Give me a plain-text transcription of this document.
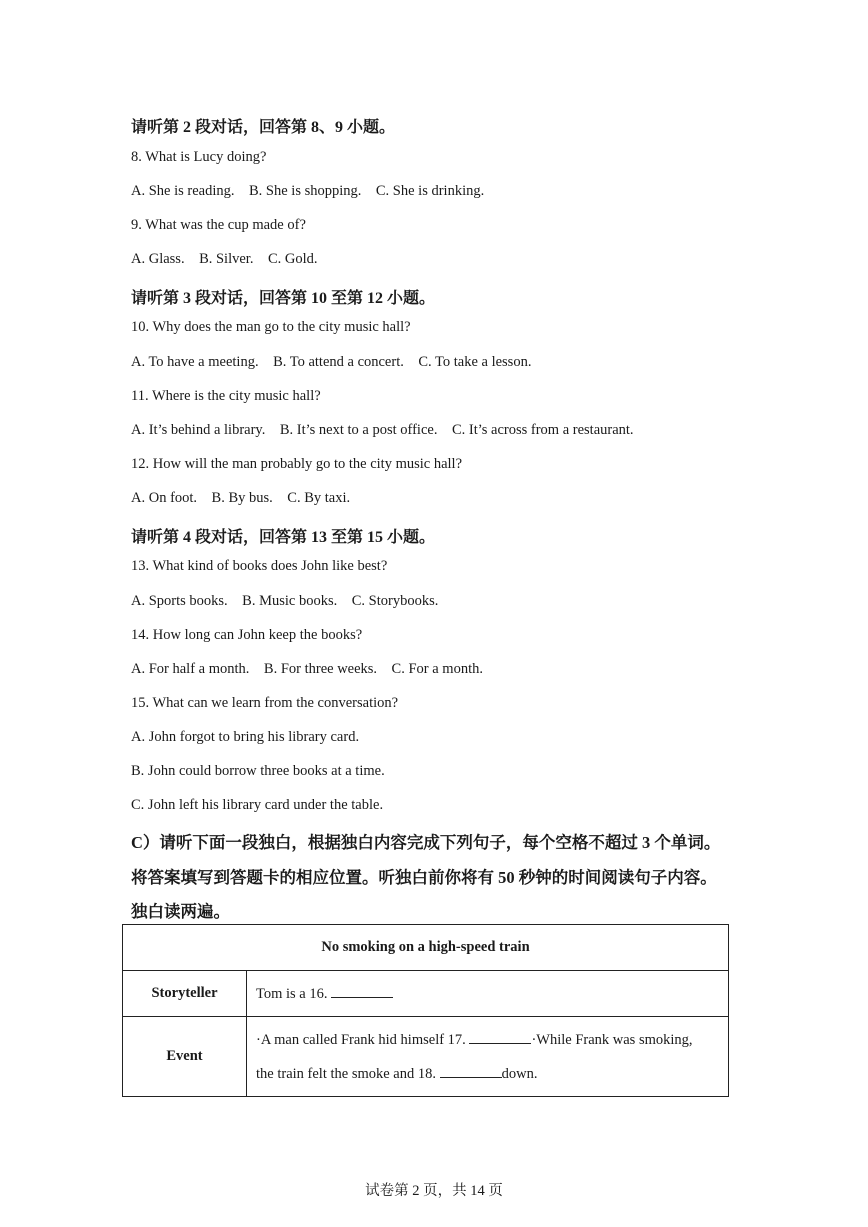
请听第 2 段对话，回答第 8、9 小题。
8. What is Lucy doing?
A. She is reading.    B. She is shopping.    C. She is drinking.
9. What was the cup made of?
A. Glass.    B. Silver.    C. Gold.
请听第 3 段对话，回答第 10 至第 12 小题。
10. Why does the man go to the city music hall?
A. To have a meeting.    B. To attend a concert.    C. To take a lesson.
11. Where is the city music hall?
A. It’s behind a library.    B. It’s next to a post office.    C. It’s across from a restaurant.
12. How will the man probably go to the city music hall?
A. On foot.    B. By bus.    C. By taxi.
请听第 4 段对话，回答第 13 至第 15 小题。
13. What kind of books does John like best?
A. Sports books.    B. Music books.    C. Storybooks.
14. How long can John keep the books?
A. For half a month.    B. For three weeks.    C. For a month.
15. What can we learn from the conversation?
A. John forgot to bring his library card.
B. John could borrow three books at a time.
C. John left his library card under the table.
C）请听下面一段独白，根据独白内容完成下列句子，每个空格不超过 3 个单词。
将答案填写到答题卡的相应位置。听独白前你将有 50 秒钟的时间阅读句子内容。
独白读两遍。
No smoking on a high-speed train	
Storyteller	Tom is a 16.
Event	·A man called Frank hid himself 17. ·While Frank was smoking,
the train felt the smoke and 18. down.
试卷第 2 页，共 14 页
